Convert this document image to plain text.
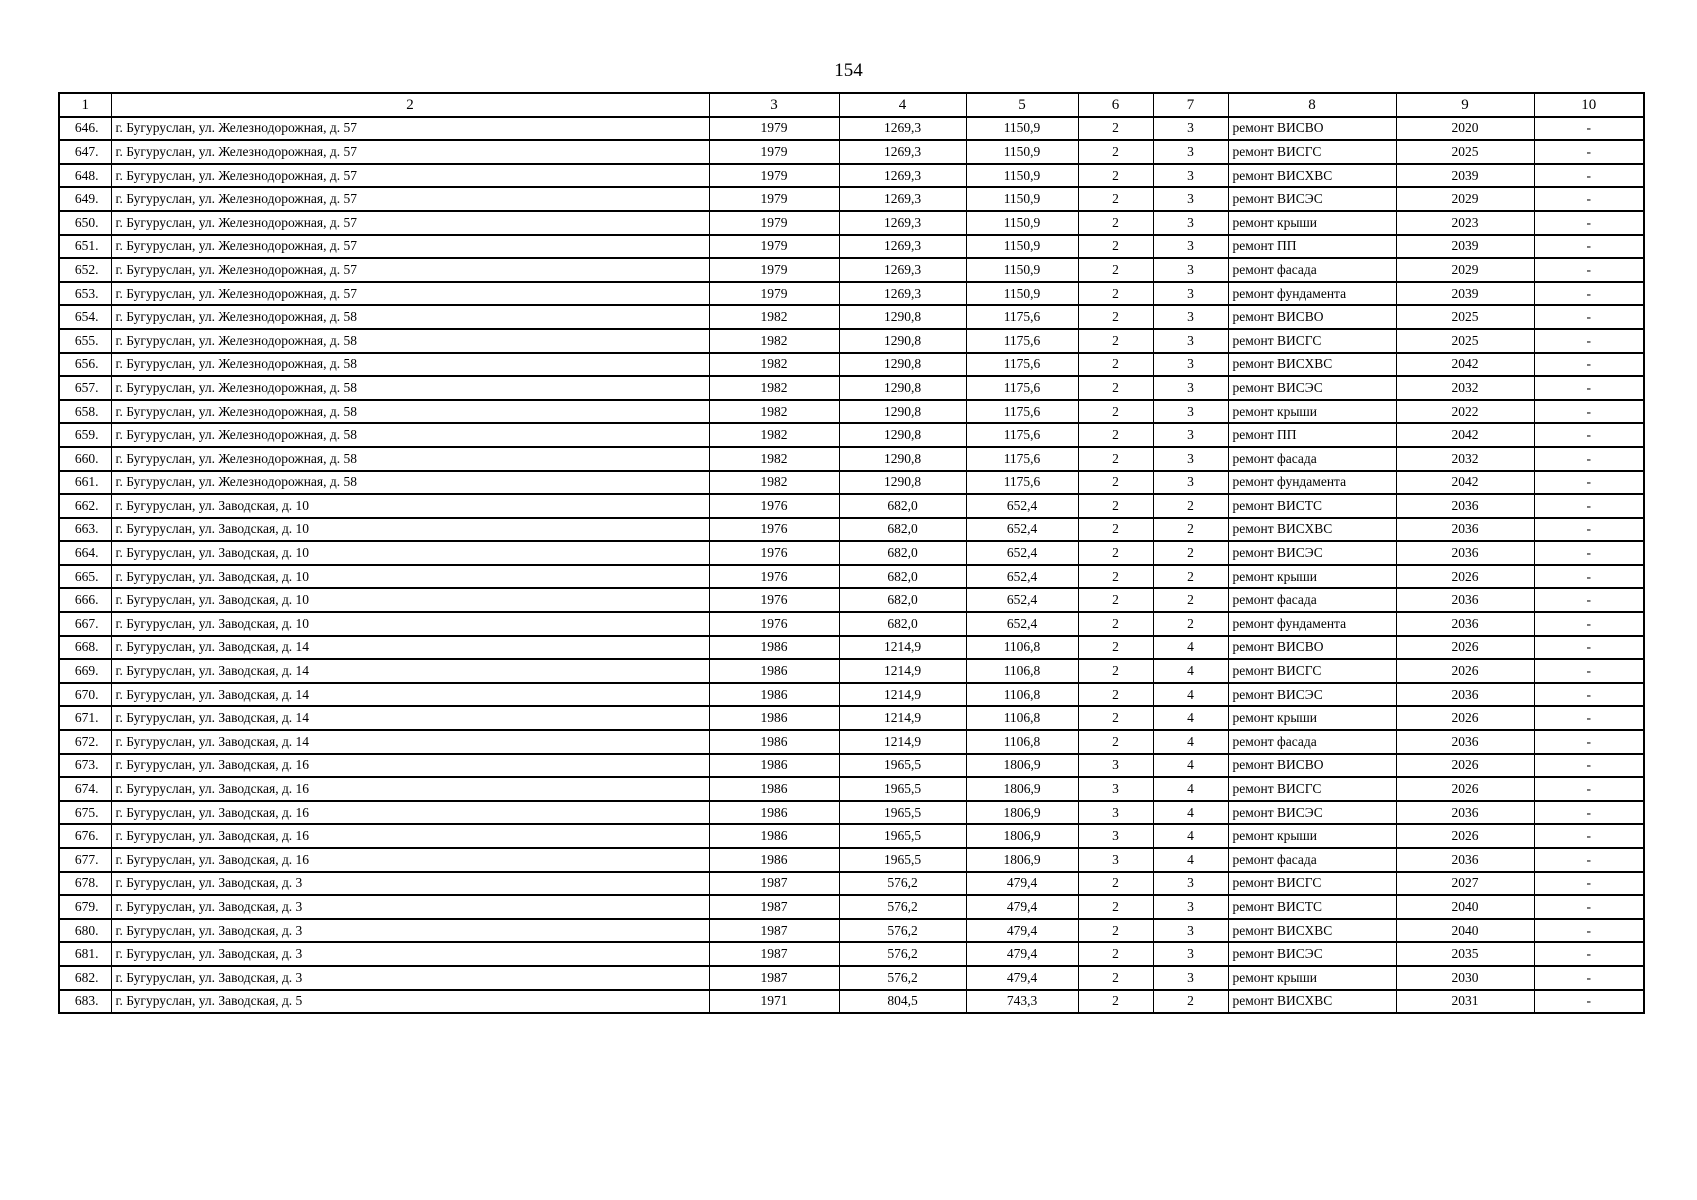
154
1	2	3	4	5	6	7	8	9	10
646.	г. Бугуруслан, ул. Железнодорожная, д. 57	1979	1269,3	1150,9	2	3	ремонт ВИСВО	2020	-
647.	г. Бугуруслан, ул. Железнодорожная, д. 57	1979	1269,3	1150,9	2	3	ремонт ВИСГС	2025	-
648.	г. Бугуруслан, ул. Железнодорожная, д. 57	1979	1269,3	1150,9	2	3	ремонт ВИСХВС	2039	-
649.	г. Бугуруслан, ул. Железнодорожная, д. 57	1979	1269,3	1150,9	2	3	ремонт ВИСЭС	2029	-
650.	г. Бугуруслан, ул. Железнодорожная, д. 57	1979	1269,3	1150,9	2	3	ремонт крыши	2023	-
651.	г. Бугуруслан, ул. Железнодорожная, д. 57	1979	1269,3	1150,9	2	3	ремонт ПП	2039	-
652.	г. Бугуруслан, ул. Железнодорожная, д. 57	1979	1269,3	1150,9	2	3	ремонт фасада	2029	-
653.	г. Бугуруслан, ул. Железнодорожная, д. 57	1979	1269,3	1150,9	2	3	ремонт фундамента	2039	-
654.	г. Бугуруслан, ул. Железнодорожная, д. 58	1982	1290,8	1175,6	2	3	ремонт ВИСВО	2025	-
655.	г. Бугуруслан, ул. Железнодорожная, д. 58	1982	1290,8	1175,6	2	3	ремонт ВИСГС	2025	-
656.	г. Бугуруслан, ул. Железнодорожная, д. 58	1982	1290,8	1175,6	2	3	ремонт ВИСХВС	2042	-
657.	г. Бугуруслан, ул. Железнодорожная, д. 58	1982	1290,8	1175,6	2	3	ремонт ВИСЭС	2032	-
658.	г. Бугуруслан, ул. Железнодорожная, д. 58	1982	1290,8	1175,6	2	3	ремонт крыши	2022	-
659.	г. Бугуруслан, ул. Железнодорожная, д. 58	1982	1290,8	1175,6	2	3	ремонт ПП	2042	-
660.	г. Бугуруслан, ул. Железнодорожная, д. 58	1982	1290,8	1175,6	2	3	ремонт фасада	2032	-
661.	г. Бугуруслан, ул. Железнодорожная, д. 58	1982	1290,8	1175,6	2	3	ремонт фундамента	2042	-
662.	г. Бугуруслан, ул. Заводская, д. 10	1976	682,0	652,4	2	2	ремонт ВИСТС	2036	-
663.	г. Бугуруслан, ул. Заводская, д. 10	1976	682,0	652,4	2	2	ремонт ВИСХВС	2036	-
664.	г. Бугуруслан, ул. Заводская, д. 10	1976	682,0	652,4	2	2	ремонт ВИСЭС	2036	-
665.	г. Бугуруслан, ул. Заводская, д. 10	1976	682,0	652,4	2	2	ремонт крыши	2026	-
666.	г. Бугуруслан, ул. Заводская, д. 10	1976	682,0	652,4	2	2	ремонт фасада	2036	-
667.	г. Бугуруслан, ул. Заводская, д. 10	1976	682,0	652,4	2	2	ремонт фундамента	2036	-
668.	г. Бугуруслан, ул. Заводская, д. 14	1986	1214,9	1106,8	2	4	ремонт ВИСВО	2026	-
669.	г. Бугуруслан, ул. Заводская, д. 14	1986	1214,9	1106,8	2	4	ремонт ВИСГС	2026	-
670.	г. Бугуруслан, ул. Заводская, д. 14	1986	1214,9	1106,8	2	4	ремонт ВИСЭС	2036	-
671.	г. Бугуруслан, ул. Заводская, д. 14	1986	1214,9	1106,8	2	4	ремонт крыши	2026	-
672.	г. Бугуруслан, ул. Заводская, д. 14	1986	1214,9	1106,8	2	4	ремонт фасада	2036	-
673.	г. Бугуруслан, ул. Заводская, д. 16	1986	1965,5	1806,9	3	4	ремонт ВИСВО	2026	-
674.	г. Бугуруслан, ул. Заводская, д. 16	1986	1965,5	1806,9	3	4	ремонт ВИСГС	2026	-
675.	г. Бугуруслан, ул. Заводская, д. 16	1986	1965,5	1806,9	3	4	ремонт ВИСЭС	2036	-
676.	г. Бугуруслан, ул. Заводская, д. 16	1986	1965,5	1806,9	3	4	ремонт крыши	2026	-
677.	г. Бугуруслан, ул. Заводская, д. 16	1986	1965,5	1806,9	3	4	ремонт фасада	2036	-
678.	г. Бугуруслан, ул. Заводская, д. 3	1987	576,2	479,4	2	3	ремонт ВИСГС	2027	-
679.	г. Бугуруслан, ул. Заводская, д. 3	1987	576,2	479,4	2	3	ремонт ВИСТС	2040	-
680.	г. Бугуруслан, ул. Заводская, д. 3	1987	576,2	479,4	2	3	ремонт ВИСХВС	2040	-
681.	г. Бугуруслан, ул. Заводская, д. 3	1987	576,2	479,4	2	3	ремонт ВИСЭС	2035	-
682.	г. Бугуруслан, ул. Заводская, д. 3	1987	576,2	479,4	2	3	ремонт крыши	2030	-
683.	г. Бугуруслан, ул. Заводская, д. 5	1971	804,5	743,3	2	2	ремонт ВИСХВС	2031	-
